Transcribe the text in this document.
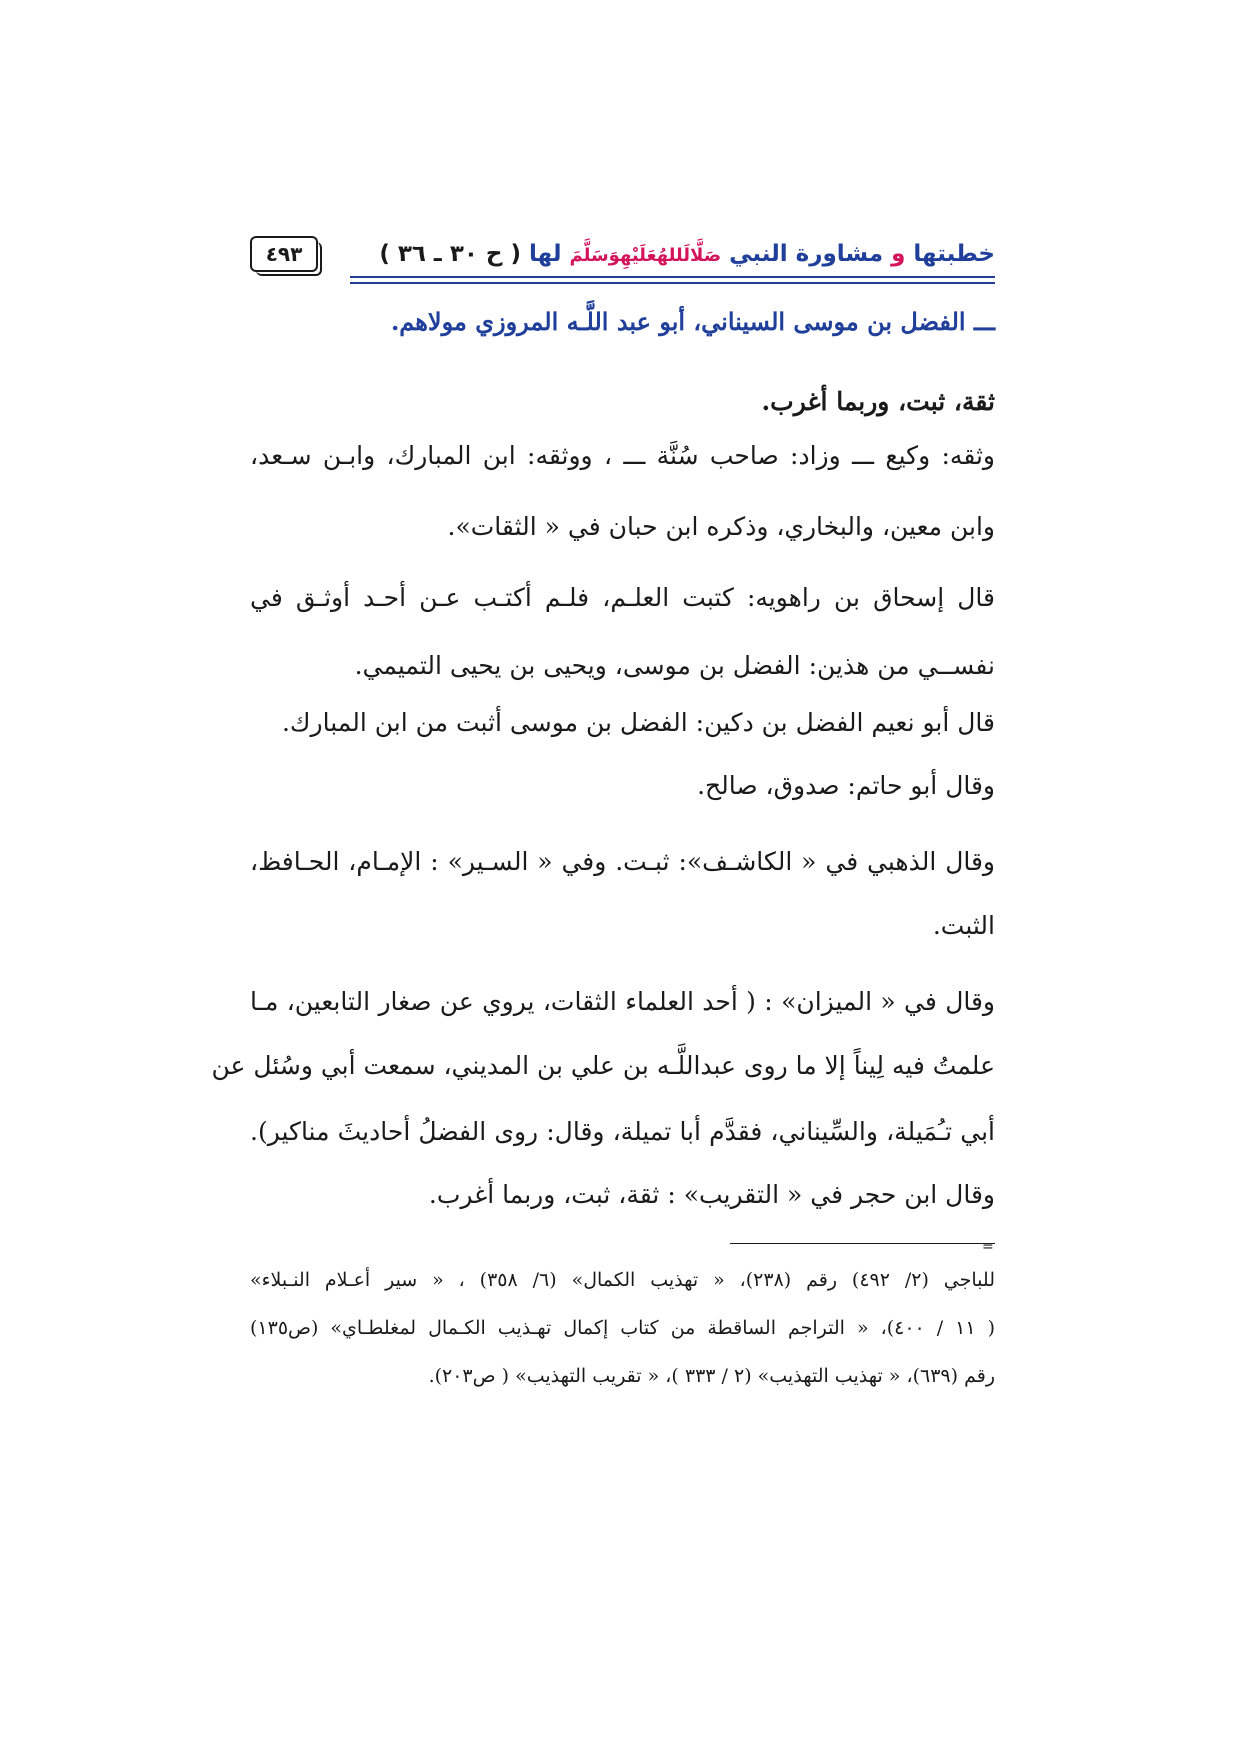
خطبتها و مشاورة النبي صَلَّالَللهُعَلَيْهِوَسَلَّمَ لها ( ح ٣٠ ـ ٣٦ )
٤٩٣
ـــ الفضل بن موسى السيناني، أبو عبد اللَّـه المروزي مولاهم.
ثقة، ثبت، وربما أغرب.
وثقه: وكيع ـــ وزاد: صاحب سُنَّة ـــ ، ووثقه: ابن المبارك، وابـن سـعد،
وابن معين، والبخاري، وذكره ابن حبان في « الثقات».
قال إسحاق بن راهويه: كتبت العلـم، فلـم أكتـب عـن أحـد أوثـق في
نفســي من هذين: الفضل بن موسى، ويحيى بن يحيى التميمي.
قال أبو نعيم الفضل بن دكين: الفضل بن موسى أثبت من ابن المبارك.
وقال أبو حاتم: صدوق، صالح.
وقال الذهبي في « الكاشـف»: ثبـت. وفي « السـير» : الإمـام، الحـافظ،
الثبت.
وقال في « الميزان» : ( أحد العلماء الثقات، يروي عن صغار التابعين، مـا
علمتُ فيه لِيناً إلا ما روى عبداللَّـه بن علي بن المديني، سمعت أبي وسُئل عن
أبي تـُمَيلة، والسِّيناني، فقدَّم أبا تميلة، وقال: روى الفضلُ أحاديثَ مناكير).
وقال ابن حجر في « التقريب» : ثقة، ثبت، وربما أغرب.
=
للباجي (٢/ ٤٩٢) رقم (٢٣٨)، « تهذيب الكمال» (٦/ ٣٥٨) ، « سير أعـلام النـبلاء»
( ١١ / ٤٠٠)، « التراجم الساقطة من كتاب إكمال تهـذيب الكـمال لمغلطـاي» (ص١٣٥)
رقم (٦٣٩)، « تهذيب التهذيب» (٢ / ٣٣٣ )، « تقريب التهذيب» ( ص٢٠٣).
